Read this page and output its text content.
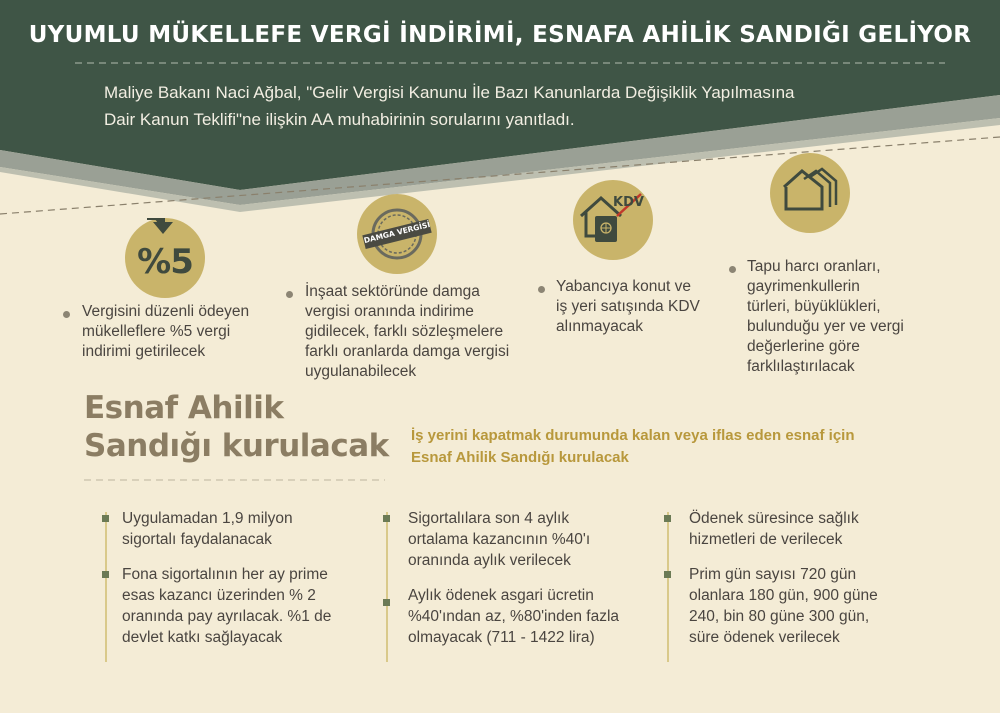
UYUMLU MÜKELLEFE VERGİ İNDİRİMİ, ESNAFA AHİLİK SANDIĞI GELİYOR
Maliye Bakanı Naci Ağbal, "Gelir Vergisi Kanunu İle Bazı Kanunlarda Değişiklik Yapılmasına
Dair Kanun Teklifi"ne ilişkin AA muhabirinin sorularını yanıtladı.
%5
DAMGA VERGİSİ
KDV
Vergisini düzenli ödeyen
mükelleflere %5 vergi
indirimi getirilecek
İnşaat sektöründe damga
vergisi oranında indirime
gidilecek, farklı sözleşmelere
farklı oranlarda damga vergisi
uygulanabilecek
Yabancıya konut ve
iş yeri satışında KDV
alınmayacak
Tapu harcı oranları,
gayrimenkullerin
türleri, büyüklükleri,
bulunduğu yer ve vergi
değerlerine göre
farklılaştırılacak
Esnaf Ahilik
Sandığı kurulacak İş yerini kapatmak durumunda kalan veya iflas eden esnaf için
Esnaf Ahilik Sandığı kurulacak
Uygulamadan 1,9 milyon
sigortalı faydalanacak
Fona sigortalının her ay prime
esas kazancı üzerinden % 2
oranında pay ayrılacak. %1 de
devlet katkı sağlayacak
Sigortalılara son 4 aylık
ortalama kazancının %40'ı
oranında aylık verilecek
Aylık ödenek asgari ücretin
%40'ından az, %80'inden fazla
olmayacak (711 - 1422 lira)
Ödenek süresince sağlık
hizmetleri de verilecek
Prim gün sayısı 720 gün
olanlara 180 gün, 900 güne
240, bin 80 güne 300 gün,
süre ödenek verilecek
